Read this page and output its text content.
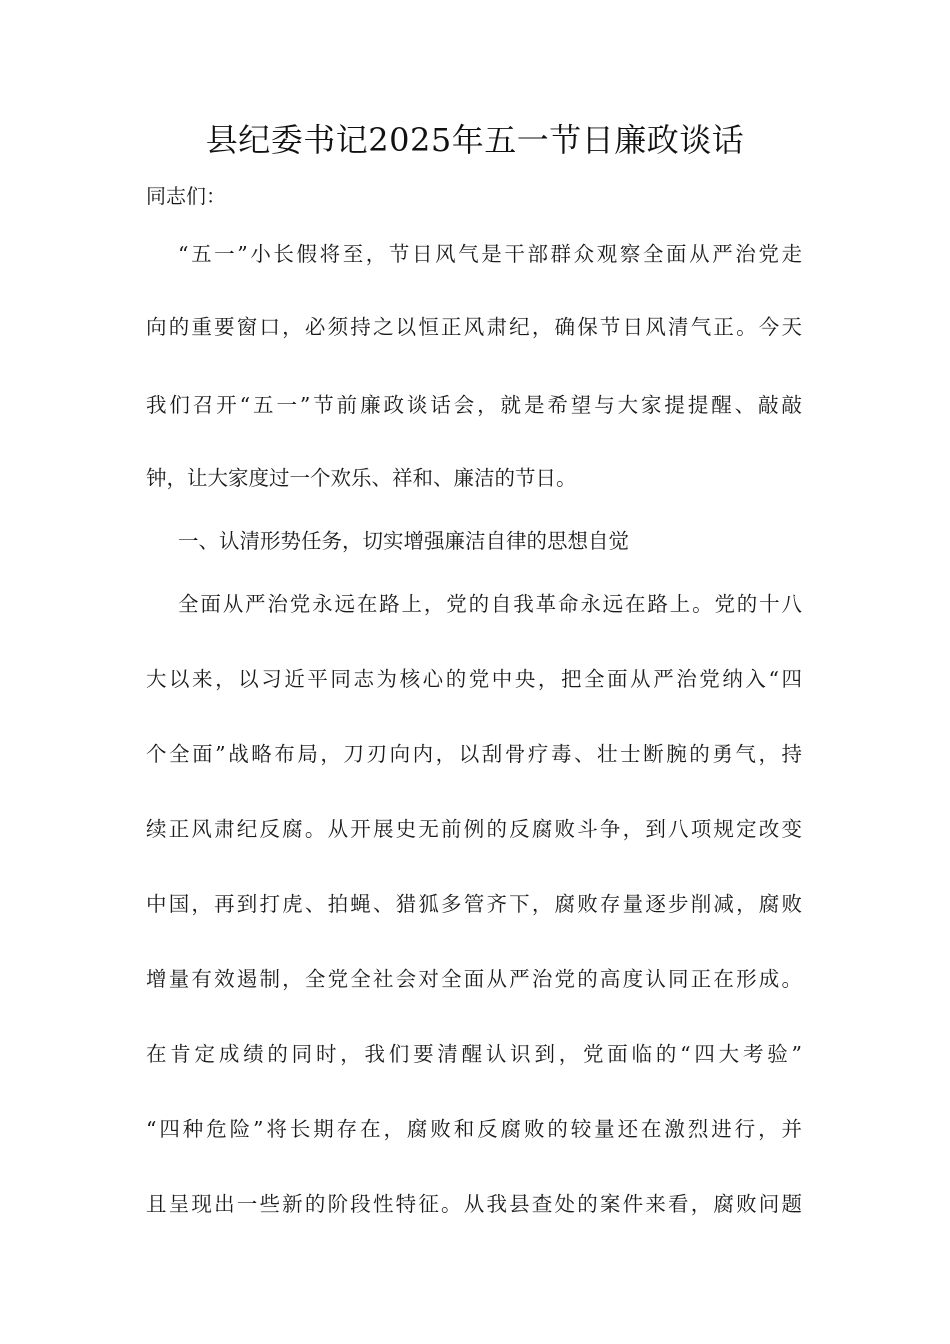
县纪委书记2025年五一节日廉政谈话
同志们：
“五一”小长假将至，节日风气是干部群众观察全面从严治党走
向的重要窗口，必须持之以恒正风肃纪，确保节日风清气正。今天
我们召开“五一”节前廉政谈话会，就是希望与大家提提醒、敲敲
钟，让大家度过一个欢乐、祥和、廉洁的节日。
一、认清形势任务，切实增强廉洁自律的思想自觉
全面从严治党永远在路上，党的自我革命永远在路上。党的十八
大以来，以习近平同志为核心的党中央，把全面从严治党纳入“四
个全面”战略布局，刀刃向内，以刮骨疗毒、壮士断腕的勇气，持
续正风肃纪反腐。从开展史无前例的反腐败斗争，到八项规定改变
中国，再到打虎、拍蝇、猎狐多管齐下，腐败存量逐步削减，腐败
增量有效遏制，全党全社会对全面从严治党的高度认同正在形成。
在肯定成绩的同时，我们要清醒认识到，党面临的“四大考验”
“四种危险”将长期存在，腐败和反腐败的较量还在激烈进行，并
且呈现出一些新的阶段性特征。从我县查处的案件来看，腐败问题
